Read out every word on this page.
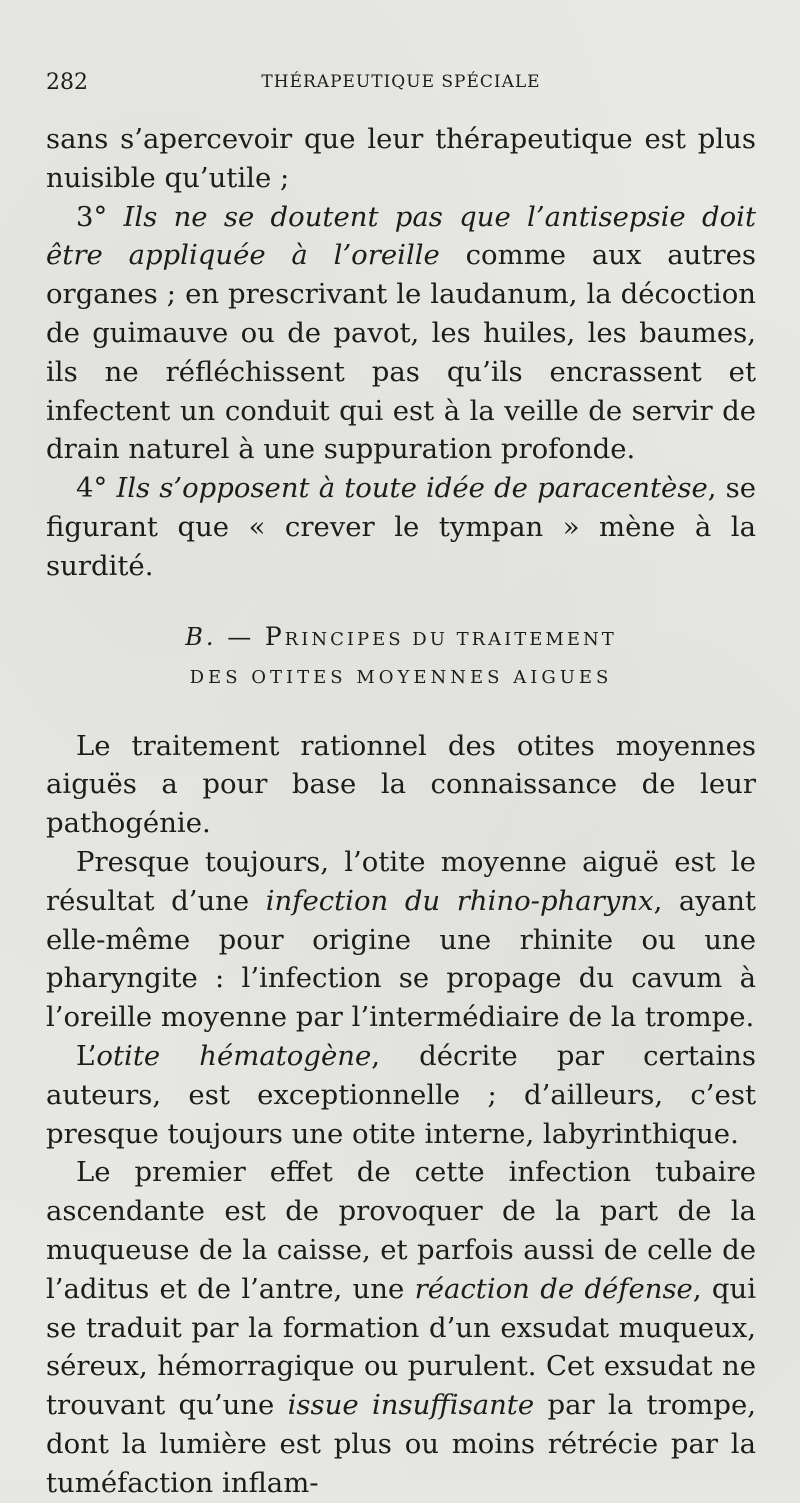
282	THÉRAPEUTIQUE SPÉCIALE

sans s’apercevoir que leur thérapeutique est plus nuisible qu’utile ;

3° Ils ne se doutent pas que l’antisepsie doit être appliquée à l’oreille comme aux autres organes ; en prescrivant le laudanum, la décoction de guimauve ou de pavot, les huiles, les baumes, ils ne réfléchissent pas qu’ils encrassent et infectent un conduit qui est à la veille de servir de drain naturel à une suppuration profonde.

4° Ils s’opposent à toute idée de paracentèse, se figurant que « crever le tympan » mène à la surdité.

B. — PRINCIPES DU TRAITEMENT
DES OTITES MOYENNES AIGUES

Le traitement rationnel des otites moyennes aiguës a pour base la connaissance de leur pathogénie.

Presque toujours, l’otite moyenne aiguë est le résultat d’une infection du rhino-pharynx, ayant elle-même pour origine une rhinite ou une pharyngite : l’infection se propage du cavum à l’oreille moyenne par l’intermédiaire de la trompe.

L’otite hématogène, décrite par certains auteurs, est exceptionnelle ; d’ailleurs, c’est presque toujours une otite interne, labyrinthique.

Le premier effet de cette infection tubaire ascendante est de provoquer de la part de la muqueuse de la caisse, et parfois aussi de celle de l’aditus et de l’antre, une réaction de défense, qui se traduit par la formation d’un exsudat muqueux, séreux, hémorragique ou purulent. Cet exsudat ne trouvant qu’une issue insuffisante par la trompe, dont la lumière est plus ou moins rétrécie par la tuméfaction inflam-
